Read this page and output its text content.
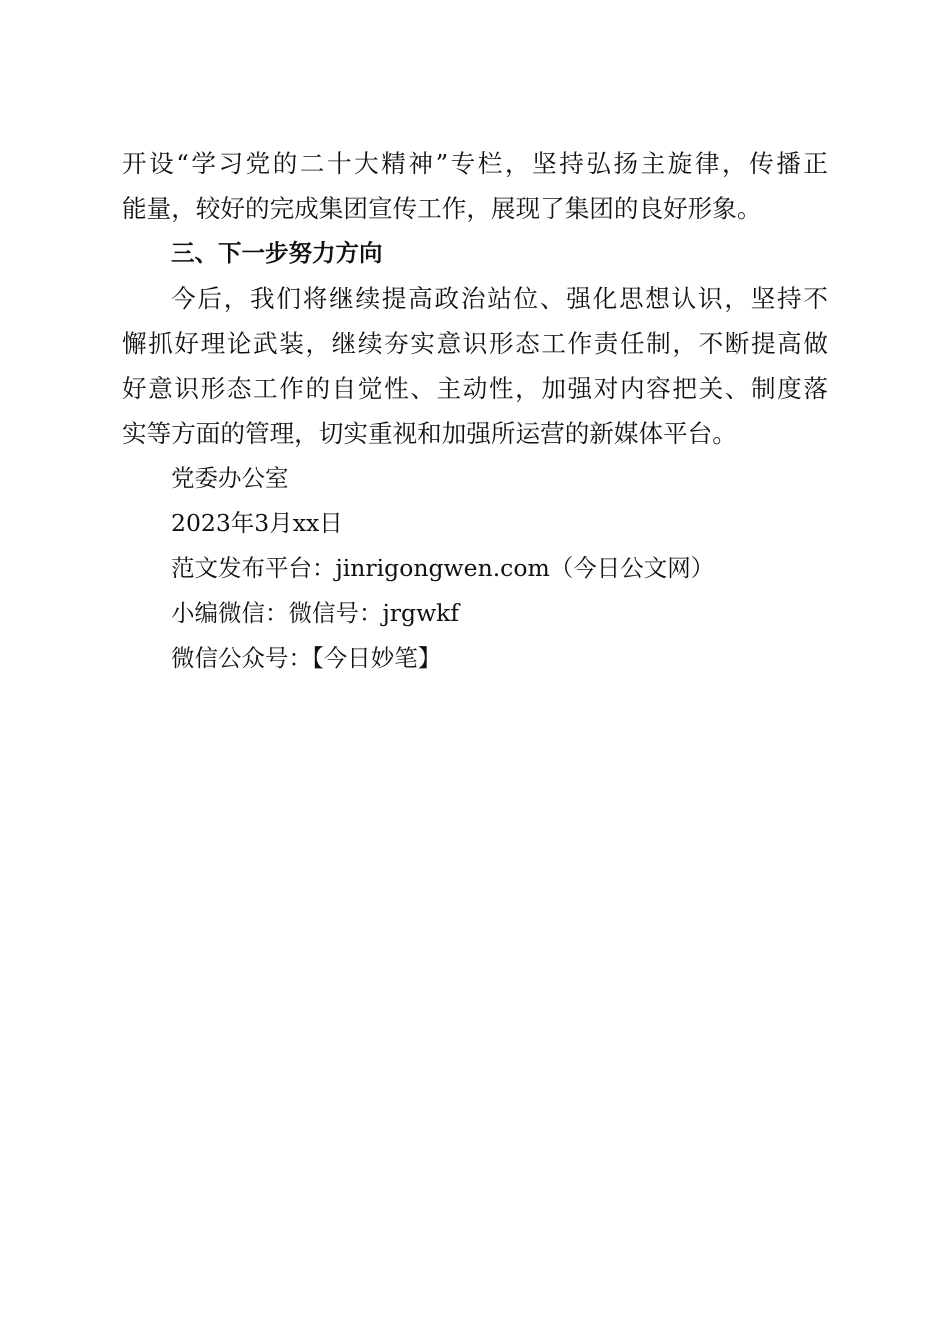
开设“学习党的二十大精神”专栏，坚持弘扬主旋律，传播正
能量，较好的完成集团宣传工作，展现了集团的良好形象。
三、下一步努力方向
今后，我们将继续提高政治站位、强化思想认识，坚持不
懈抓好理论武装，继续夯实意识形态工作责任制，不断提高做
好意识形态工作的自觉性、主动性，加强对内容把关、制度落
实等方面的管理，切实重视和加强所运营的新媒体平台。
党委办公室
2023年3月xx日
范文发布平台：jinrigongwen.com（今日公文网）
小编微信：微信号：jrgwkf
微信公众号：【今日妙笔】
